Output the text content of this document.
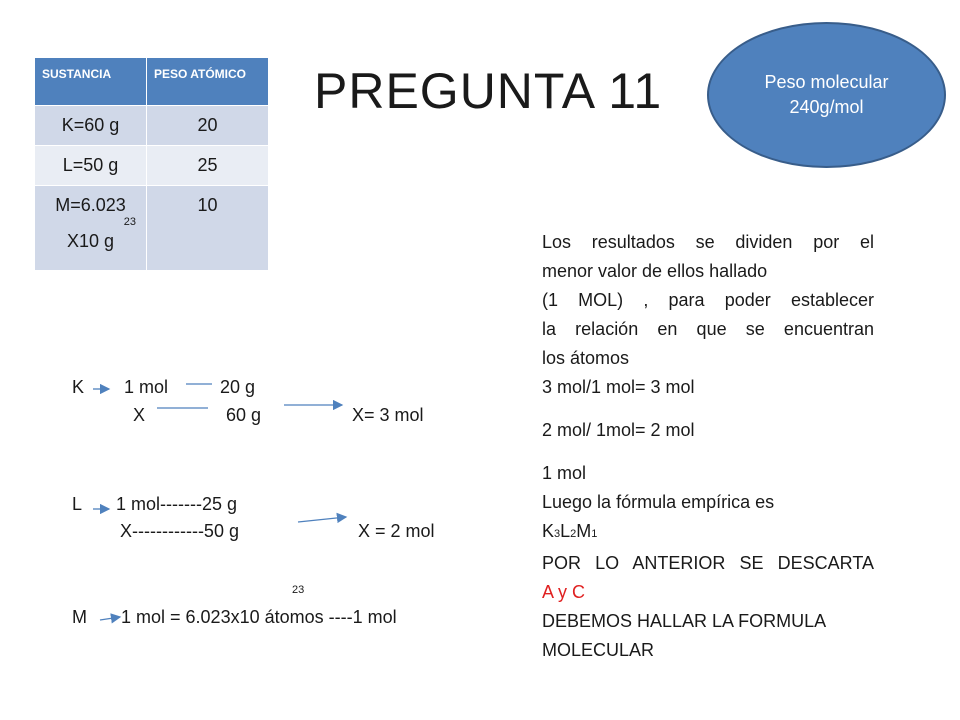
SUSTANCIA	PESO ATÓMICO
K=60 g	20
L=50 g	25

M=6.023
23
X10 g	10
PREGUNTA 11	Peso molecular
240g/mol
K 1 mol	20 g
X	60 g	X= 3 mol
L 1 mol-------25 g
X------------50 g	X = 2 mol
23
M 1 mol = 6.023x10 átomos ----1 mol

Los resultados se dividen por el

menor valor de ellos hallado

(1 MOL) , para poder establecer

la relación en que se encuentran

los átomos

3 mol/1 mol= 3 mol

2 mol/ 1mol= 2 mol

1 mol

Luego la fórmula empírica es

K3L2M1

POR LO ANTERIOR SE DESCARTA

A y C

DEBEMOS HALLAR LA FORMULA

MOLECULAR
